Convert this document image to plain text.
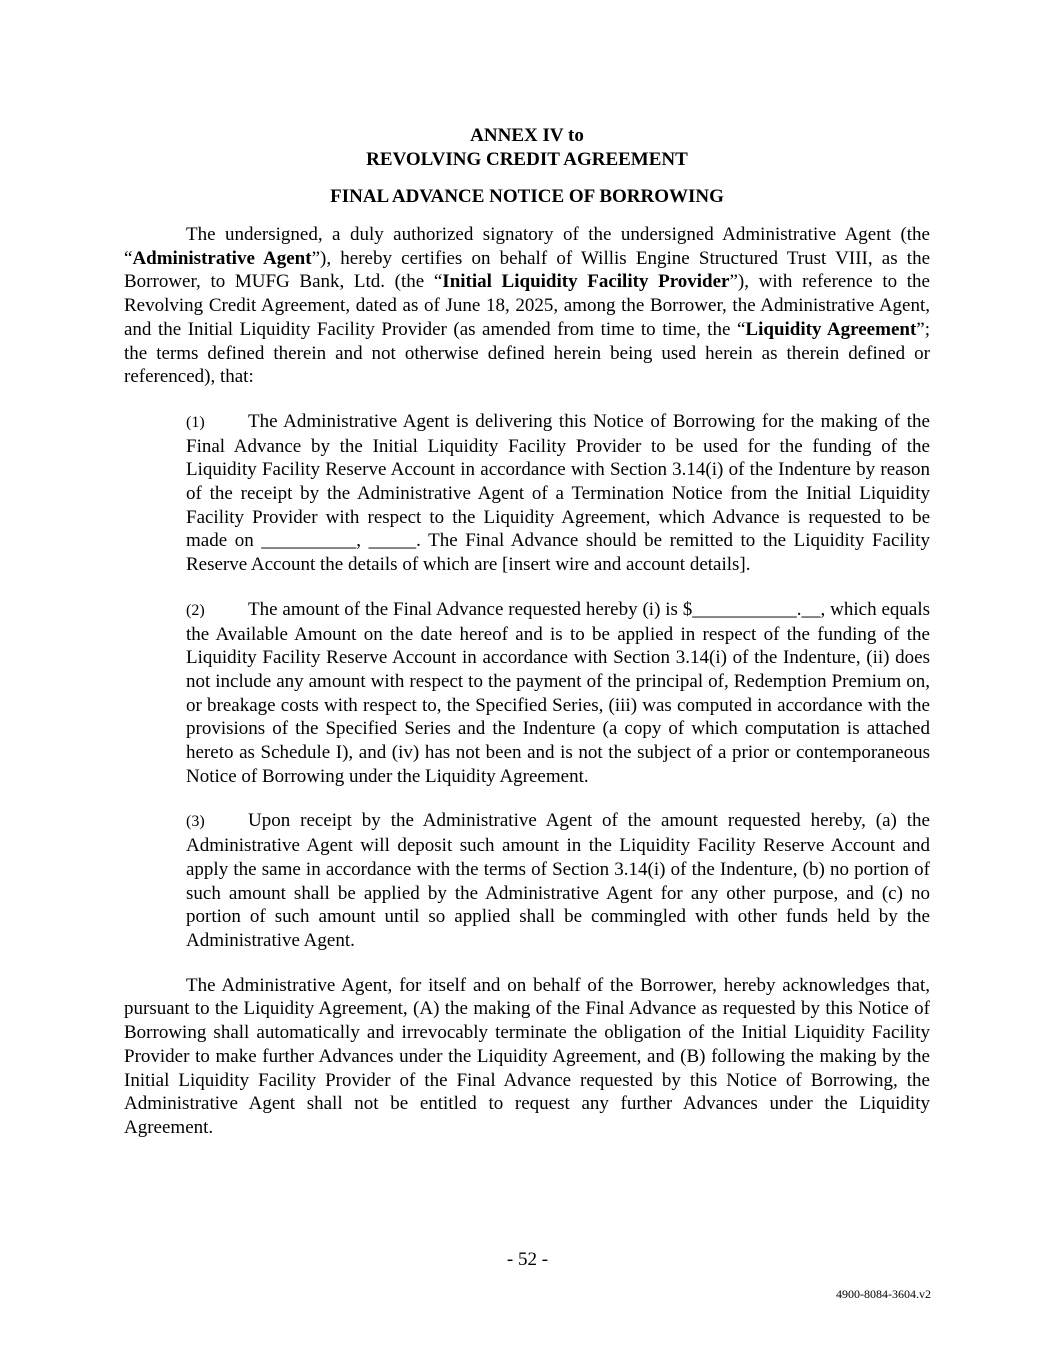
ANNEX IV to

REVOLVING CREDIT AGREEMENT

FINAL ADVANCE NOTICE OF BORROWING

The undersigned, a duly authorized signatory of the undersigned Administrative Agent (the “Administrative Agent”), hereby certifies on behalf of Willis Engine Structured Trust VIII, as the Borrower, to MUFG Bank, Ltd. (the “Initial Liquidity Facility Provider”), with reference to the Revolving Credit Agreement, dated as of June 18, 2025, among the Borrower, the Administrative Agent, and the Initial Liquidity Facility Provider (as amended from time to time, the “Liquidity Agreement”; the terms defined therein and not otherwise defined herein being used herein as therein defined or referenced), that:

(1) The Administrative Agent is delivering this Notice of Borrowing for the making of the Final Advance by the Initial Liquidity Facility Provider to be used for the funding of the Liquidity Facility Reserve Account in accordance with Section 3.14(i) of the Indenture by reason of the receipt by the Administrative Agent of a Termination Notice from the Initial Liquidity Facility Provider with respect to the Liquidity Agreement, which Advance is requested to be made on __________, _____. The Final Advance should be remitted to the Liquidity Facility Reserve Account the details of which are [insert wire and account details].

(2) The amount of the Final Advance requested hereby (i) is $___________.__, which equals the Available Amount on the date hereof and is to be applied in respect of the funding of the Liquidity Facility Reserve Account in accordance with Section 3.14(i) of the Indenture, (ii) does not include any amount with respect to the payment of the principal of, Redemption Premium on, or breakage costs with respect to, the Specified Series, (iii) was computed in accordance with the provisions of the Specified Series and the Indenture (a copy of which computation is attached hereto as Schedule I), and (iv) has not been and is not the subject of a prior or contemporaneous Notice of Borrowing under the Liquidity Agreement.

(3) Upon receipt by the Administrative Agent of the amount requested hereby, (a) the Administrative Agent will deposit such amount in the Liquidity Facility Reserve Account and apply the same in accordance with the terms of Section 3.14(i) of the Indenture, (b) no portion of such amount shall be applied by the Administrative Agent for any other purpose, and (c) no portion of such amount until so applied shall be commingled with other funds held by the Administrative Agent.

The Administrative Agent, for itself and on behalf of the Borrower, hereby acknowledges that, pursuant to the Liquidity Agreement, (A) the making of the Final Advance as requested by this Notice of Borrowing shall automatically and irrevocably terminate the obligation of the Initial Liquidity Facility Provider to make further Advances under the Liquidity Agreement, and (B) following the making by the Initial Liquidity Facility Provider of the Final Advance requested by this Notice of Borrowing, the Administrative Agent shall not be entitled to request any further Advances under the Liquidity Agreement.

- 52 -
4900-8084-3604.v2
